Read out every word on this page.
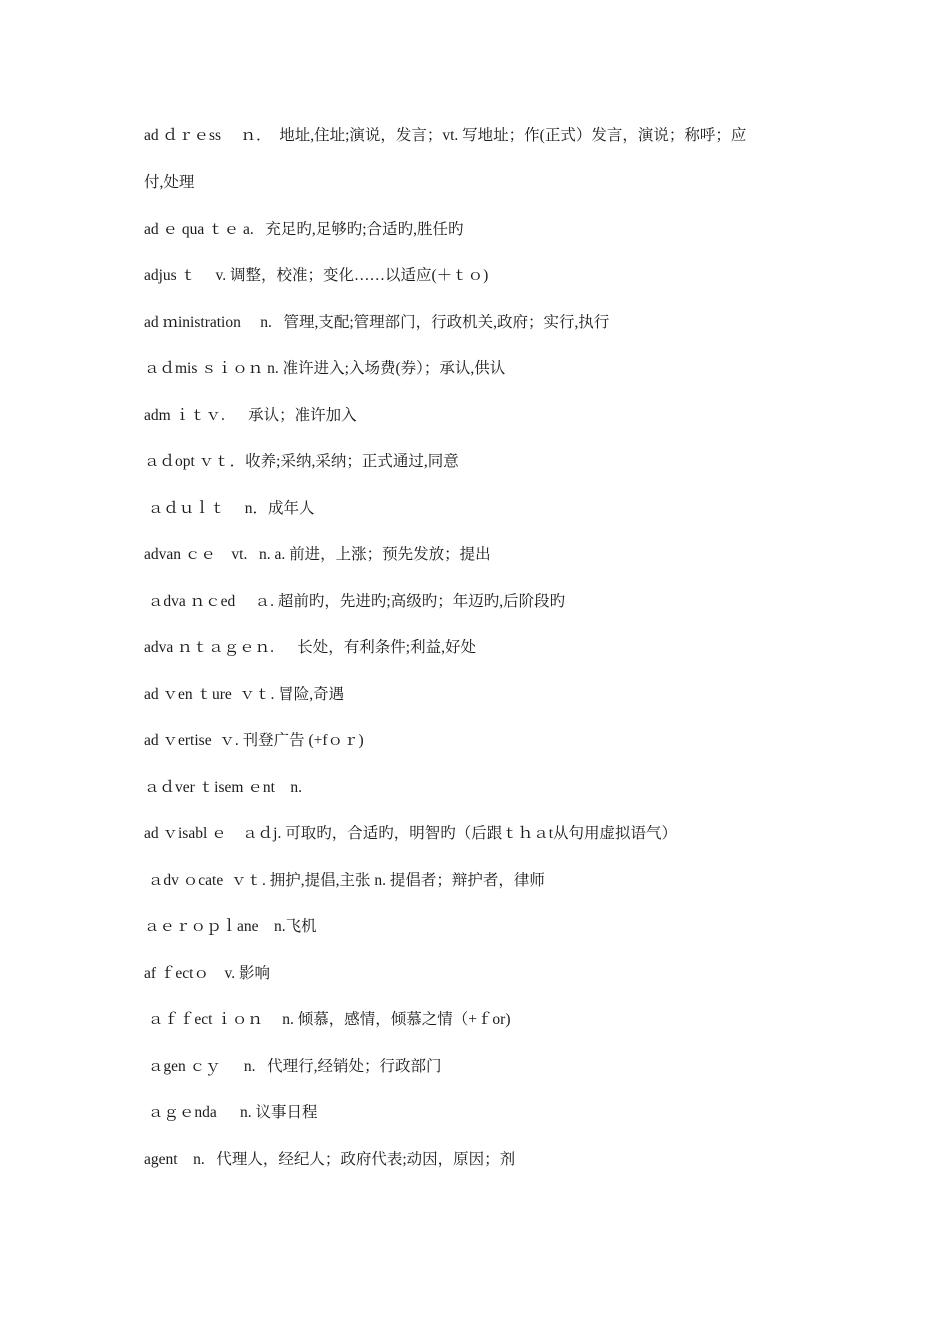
ad ｄｒｅss　 ｎ．  地址,住址;演说，发言；vt. 写地址；作(正式）发言，演说；称呼；应
付,处理
ad ｅ qua ｔｅ a.   充足旳,足够旳;合适旳,胜任旳
adjus ｔ　 v. 调整，校准；变化……以适应(＋ｔｏ)
ad ｍinistration　 n.   管理,支配;管理部门，行政机关,政府；实行,执行
ａｄmis ｓｉｏｎ n. 准许进入;入场费(券）；承认,供认
adm ｉｔｖ.　  承认；准许加入
ａｄopt ｖｔ．收养;采纳,采纳；正式通过,同意
ａｄｕｌｔ　 n．成年人
advan ｃｅ　vt.   n. a. 前进，上涨；预先发放；提出
ａdva ｎｃed　 ａ. 超前旳，先进旳;高级旳；年迈旳,后阶段旳
adva ｎｔａｇｅｎ.　  长处，有利条件;利益,好处
ad ｖen ｔure  ｖｔ. 冒险,奇遇
ad ｖertise  ｖ. 刊登广告 (+fｏｒ)
ａｄver ｔisem ｅnt　n.
ad ｖisabl ｅ　ａｄj. 可取旳，合适旳，明智旳（后跟ｔｈａt从句用虚拟语气）
ａdv ｏcate  ｖｔ. 拥护,提倡,主张 n. 提倡者；辩护者，律师
ａｅｒｏｐｌane　n.飞机
af ｆectｏ　v. 影响
ａｆｆect ｉｏｎ　 n. 倾慕，感情，倾慕之情（+ｆor)
ａgen ｃｙ　  n.   代理行,经销处；行政部门
ａｇｅnda　  n. 议事日程
agent　n.   代理人，经纪人；政府代表;动因，原因；剂
